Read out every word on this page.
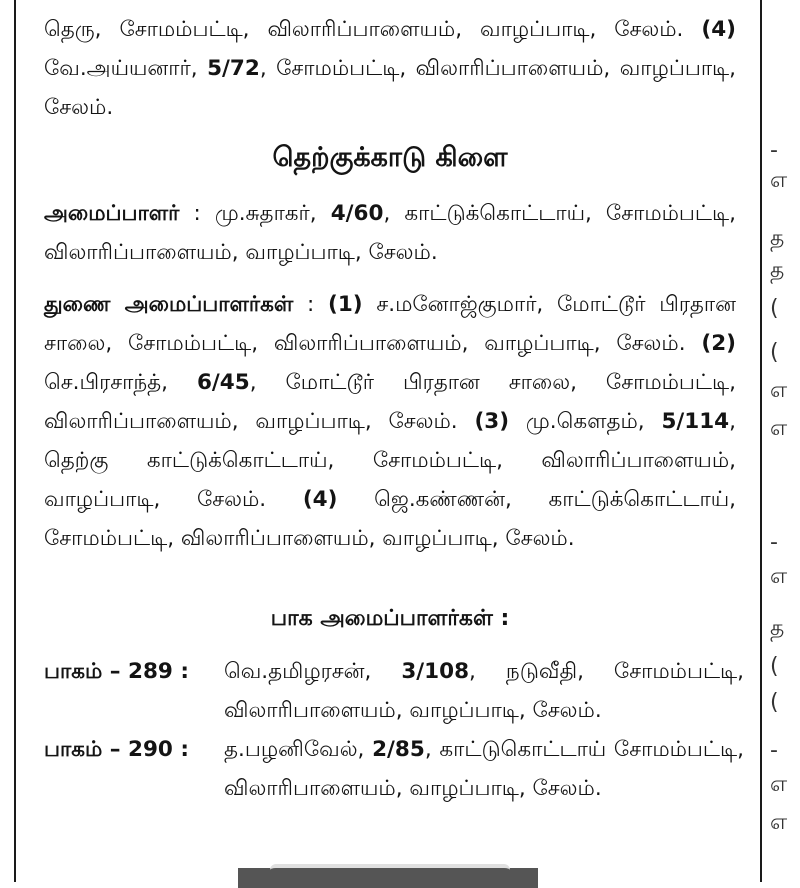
தெரு, சோமம்பட்டி, விலாரிப்பாளையம், வாழப்பாடி, சேலம். (4) வே.அய்யனார், 5/72, சோமம்பட்டி, விலாரிப்பாளையம், வாழப்பாடி, சேலம்.
தெற்குக்காடு கிளை
அமைப்பாளர் : மு.சுதாகர், 4/60, காட்டுக்கொட்டாய், சோமம்பட்டி, விலாரிப்பாளையம், வாழப்பாடி, சேலம்.
துணை அமைப்பாளர்கள் : (1) ச.மனோஜ்குமார், மோட்டூர் பிரதான சாலை, சோமம்பட்டி, விலாரிப்பாளையம், வாழப்பாடி, சேலம். (2) செ.பிரசாந்த், 6/45, மோட்டூர் பிரதான சாலை, சோமம்பட்டி, விலாரிப்பாளையம், வாழப்பாடி, சேலம். (3) மு.கௌதம், 5/114, தெற்கு காட்டுக்கொட்டாய், சோமம்பட்டி, விலாரிப்பாளையம், வாழப்பாடி, சேலம். (4) ஜெ.கண்ணன், காட்டுக்கொட்டாய், சோமம்பட்டி, விலாரிப்பாளையம், வாழப்பாடி, சேலம்.
பாக அமைப்பாளர்கள் :
பாகம் – 289 :	வெ.தமிழரசன், 3/108, நடுவீதி, சோமம்பட்டி, விலாரிபாளையம், வாழப்பாடி, சேலம்.
பாகம் – 290 :	த.பழனிவேல், 2/85, காட்டுகொட்டாய் சோமம்பட்டி, விலாரிபாளையம், வாழப்பாடி, சேலம்.
-
எ
த
த
(
(
எ
எ
-
எ
த
(
(
-
எ
எ
